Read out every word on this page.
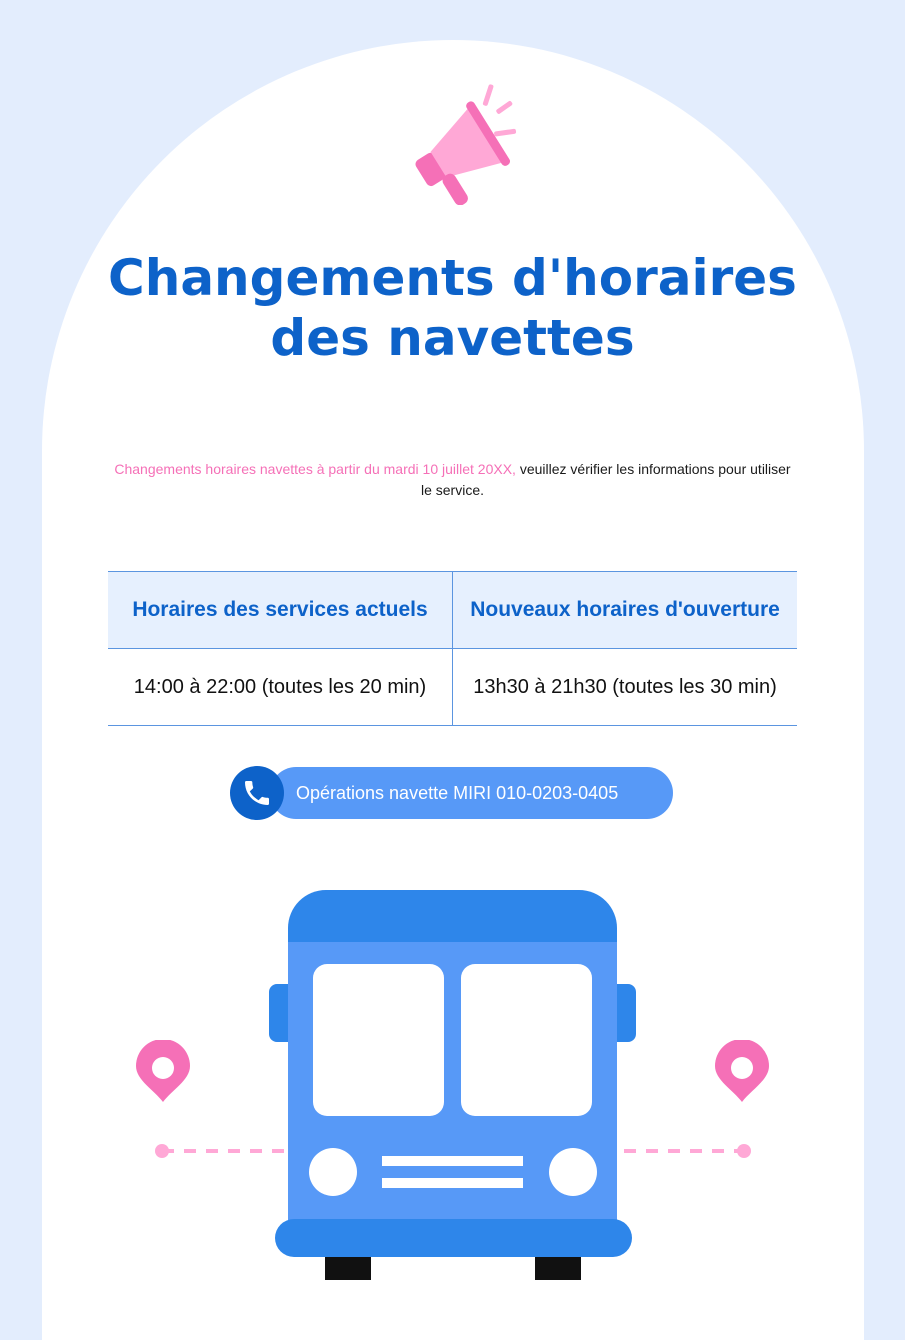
Changements d'horaires
des navettes

Changements horaires navettes à partir du mardi 10 juillet 20XX, veuillez vérifier les informations pour utiliser le service.

Horaires des services actuels	Nouveaux horaires d'ouverture
14:00 à 22:00 (toutes les 20 min)	13h30 à 21h30 (toutes les 30 min)
Opérations navette MIRI 010-0203-0405
